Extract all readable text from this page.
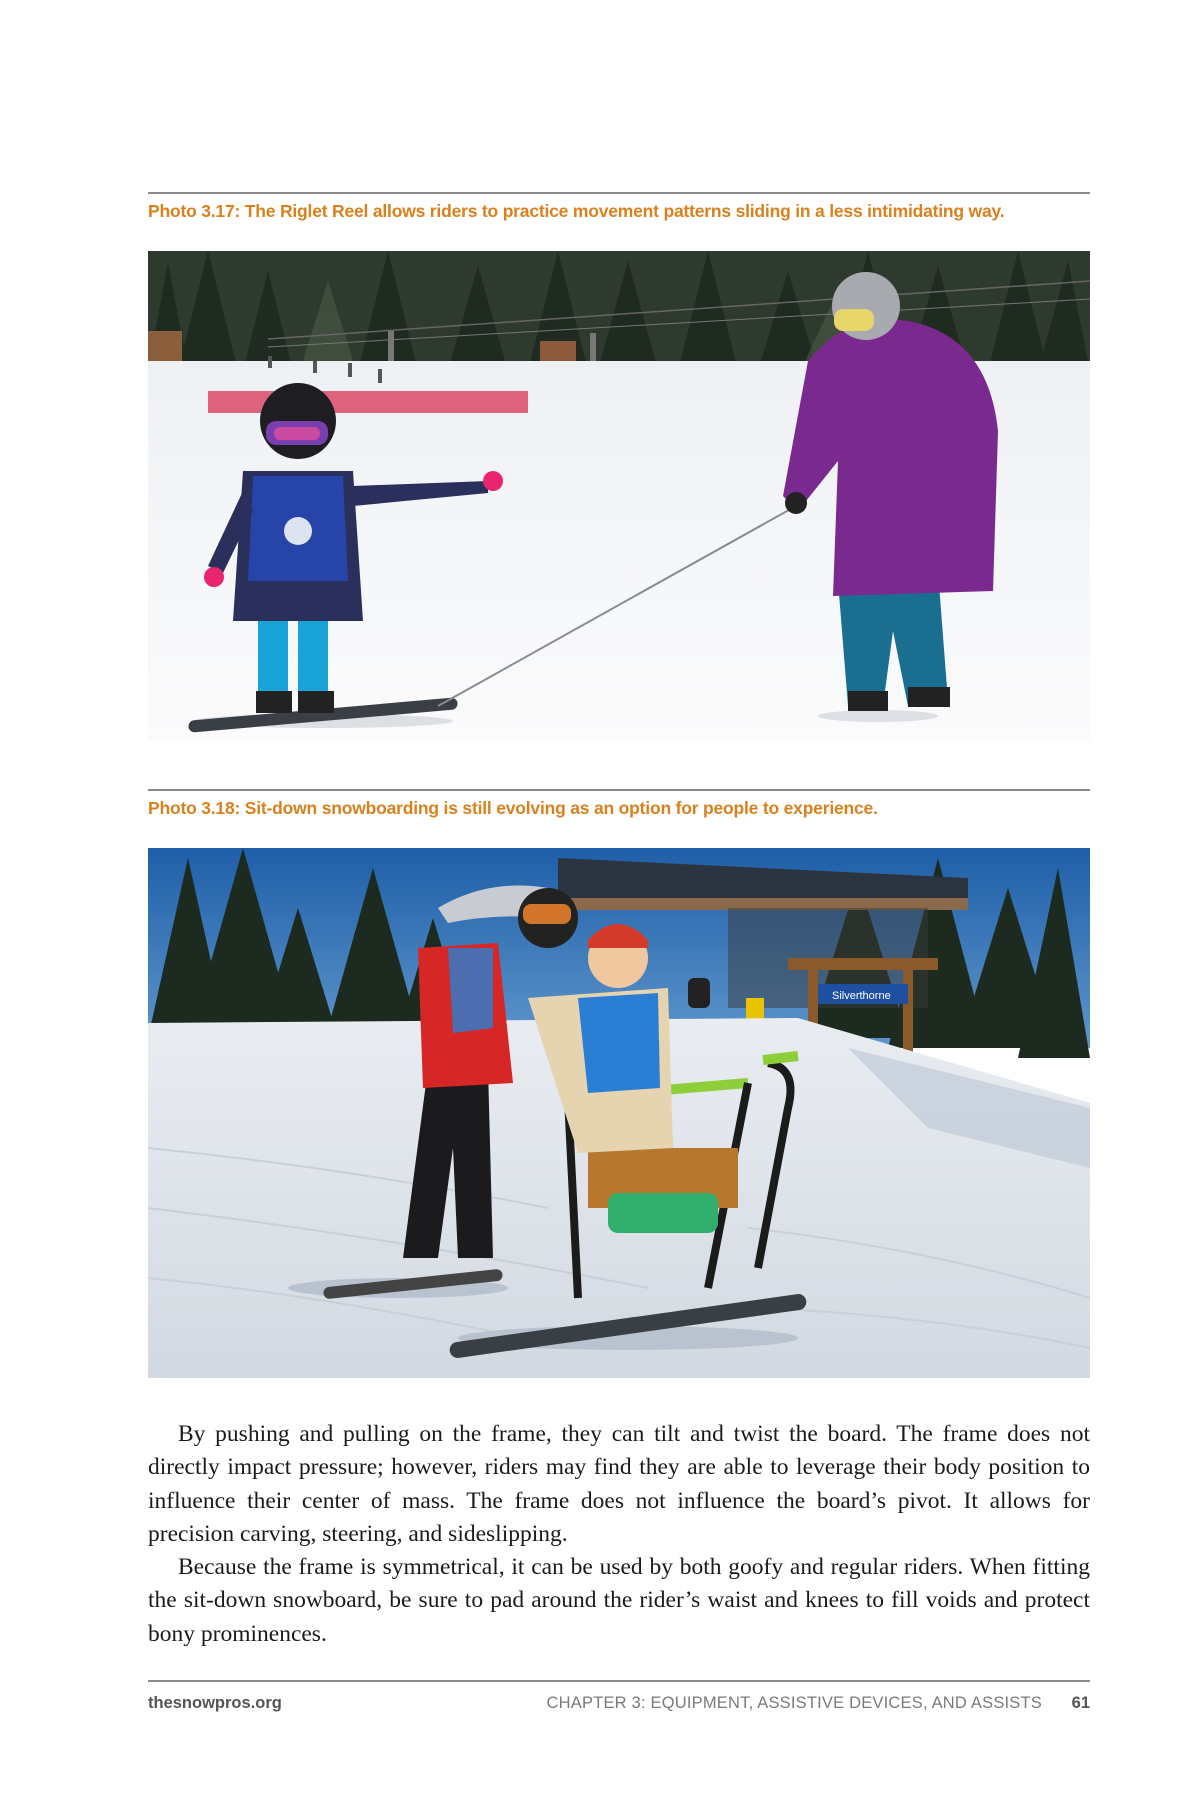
Photo 3.17: The Riglet Reel allows riders to practice movement patterns sliding in a less intimidating way.
Photo 3.18: Sit-down snowboarding is still evolving as an option for people to experience.
Silverthorne

By pushing and pulling on the frame, they can tilt and twist the board. The frame does not directly impact pressure; however, riders may find they are able to leverage their body position to influence their center of mass. The frame does not influence the board’s pivot. It allows for precision carving, steering, and sideslipping.

Because the frame is symmetrical, it can be used by both goofy and regular riders. When fitting the sit-down snowboard, be sure to pad around the rider’s waist and knees to fill voids and protect bony prominences.

thesnowpros.org	CHAPTER 3: EQUIPMENT, ASSISTIVE DEVICES, AND ASSISTS 61
